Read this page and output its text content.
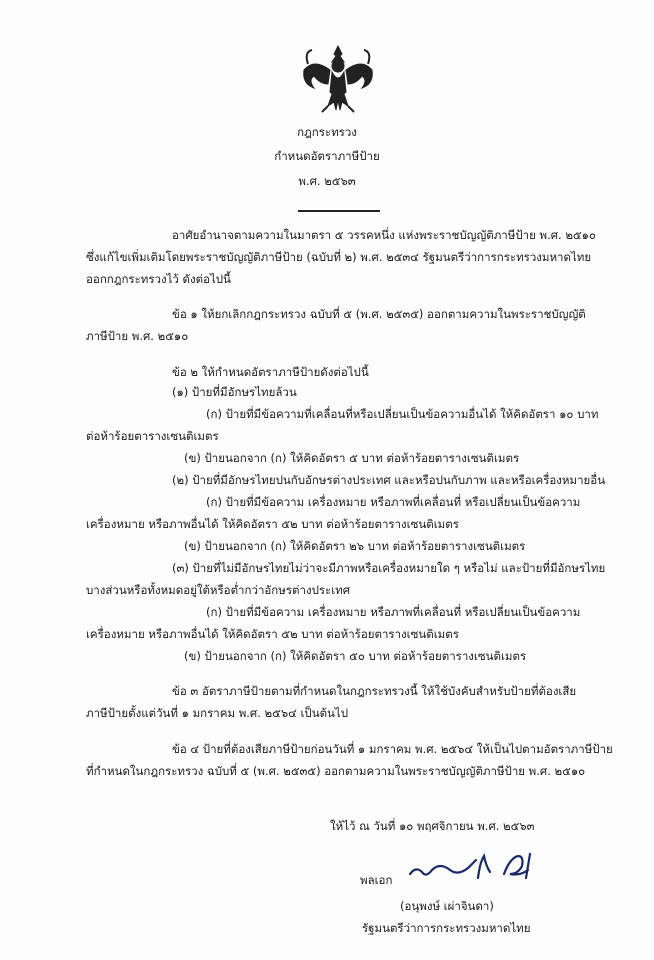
กฎกระทรวง
กำหนดอัตราภาษีป้าย
พ.ศ. ๒๕๖๓
อาศัยอำนาจตามความในมาตรา ๕ วรรคหนึ่ง แห่งพระราชบัญญัติภาษีป้าย พ.ศ. ๒๕๑๐
ซึ่งแก้ไขเพิ่มเติมโดยพระราชบัญญัติภาษีป้าย (ฉบับที่ ๒) พ.ศ. ๒๕๓๔ รัฐมนตรีว่าการกระทรวงมหาดไทย
ออกกฎกระทรวงไว้ ดังต่อไปนี้
ข้อ ๑ ให้ยกเลิกกฎกระทรวง ฉบับที่ ๕ (พ.ศ. ๒๕๓๕) ออกตามความในพระราชบัญญัติ
ภาษีป้าย พ.ศ. ๒๕๑๐
ข้อ ๒ ให้กำหนดอัตราภาษีป้ายดังต่อไปนี้
(๑) ป้ายที่มีอักษรไทยล้วน
(ก) ป้ายที่มีข้อความที่เคลื่อนที่หรือเปลี่ยนเป็นข้อความอื่นได้ ให้คิดอัตรา ๑๐ บาท
ต่อห้าร้อยตารางเซนติเมตร
(ข) ป้ายนอกจาก (ก) ให้คิดอัตรา ๕ บาท ต่อห้าร้อยตารางเซนติเมตร
(๒) ป้ายที่มีอักษรไทยปนกับอักษรต่างประเทศ และหรือปนกับภาพ และหรือเครื่องหมายอื่น
(ก) ป้ายที่มีข้อความ เครื่องหมาย หรือภาพที่เคลื่อนที่ หรือเปลี่ยนเป็นข้อความ
เครื่องหมาย หรือภาพอื่นได้ ให้คิดอัตรา ๕๒ บาท ต่อห้าร้อยตารางเซนติเมตร
(ข) ป้ายนอกจาก (ก) ให้คิดอัตรา ๒๖ บาท ต่อห้าร้อยตารางเซนติเมตร
(๓) ป้ายที่ไม่มีอักษรไทยไม่ว่าจะมีภาพหรือเครื่องหมายใด ๆ หรือไม่ และป้ายที่มีอักษรไทย
บางส่วนหรือทั้งหมดอยู่ใต้หรือต่ำกว่าอักษรต่างประเทศ
(ก) ป้ายที่มีข้อความ เครื่องหมาย หรือภาพที่เคลื่อนที่ หรือเปลี่ยนเป็นข้อความ
เครื่องหมาย หรือภาพอื่นได้ ให้คิดอัตรา ๕๒ บาท ต่อห้าร้อยตารางเซนติเมตร
(ข) ป้ายนอกจาก (ก) ให้คิดอัตรา ๕๐ บาท ต่อห้าร้อยตารางเซนติเมตร
ข้อ ๓ อัตราภาษีป้ายตามที่กำหนดในกฎกระทรวงนี้ ให้ใช้บังคับสำหรับป้ายที่ต้องเสีย
ภาษีป้ายตั้งแต่วันที่ ๑ มกราคม พ.ศ. ๒๕๖๔ เป็นต้นไป
ข้อ ๔ ป้ายที่ต้องเสียภาษีป้ายก่อนวันที่ ๑ มกราคม พ.ศ. ๒๕๖๔ ให้เป็นไปตามอัตราภาษีป้าย
ที่กำหนดในกฎกระทรวง ฉบับที่ ๕ (พ.ศ. ๒๕๓๕) ออกตามความในพระราชบัญญัติภาษีป้าย พ.ศ. ๒๕๑๐
ให้ไว้ ณ วันที่ ๑๐ พฤศจิกายน พ.ศ. ๒๕๖๓
พลเอก
(อนุพงษ์ เผ่าจินดา)
รัฐมนตรีว่าการกระทรวงมหาดไทย
